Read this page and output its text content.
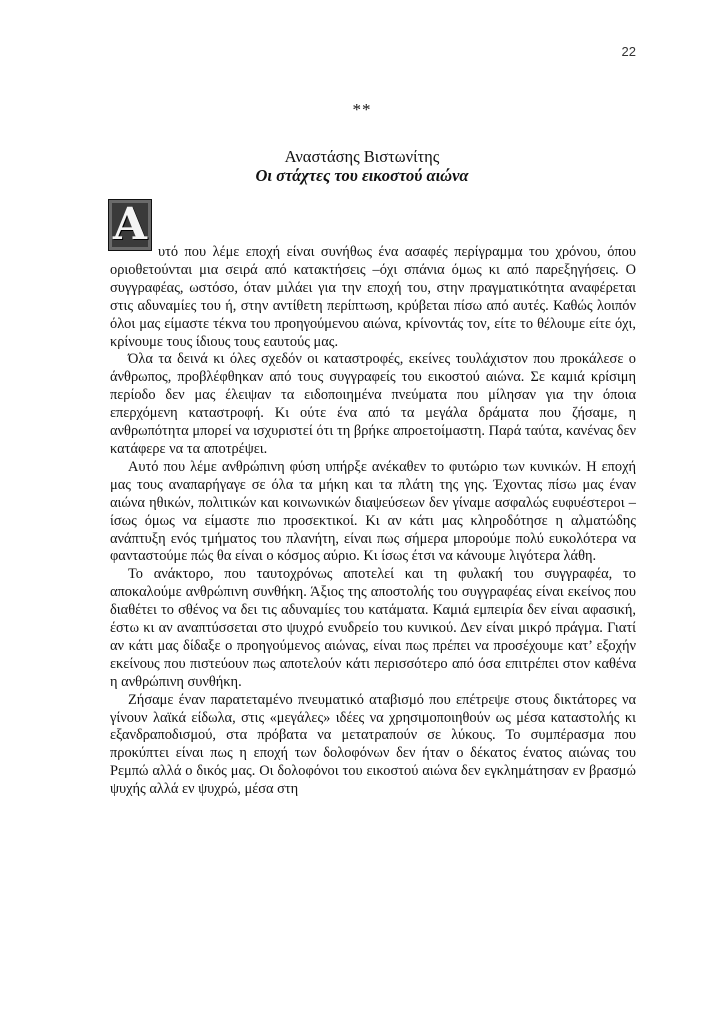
22
**
Αναστάσης Βιστωνίτης
Οι στάχτες του εικοστού αιώνα

Α
υτό που λέμε εποχή είναι συνήθως ένα ασαφές περίγραμμα του χρόνου, όπου οριοθετούνται μια σειρά από κατακτήσεις –όχι σπάνια όμως κι από παρεξηγήσεις. Ο συγγραφέας, ωστόσο, όταν μιλάει για την εποχή του, στην πραγματικότητα αναφέρεται στις αδυναμίες του ή, στην αντίθετη περίπτωση, κρύβεται πίσω από αυτές. Καθώς λοιπόν όλοι μας είμαστε τέκνα του προηγούμενου αιώνα, κρίνοντάς τον, είτε το θέλουμε είτε όχι, κρίνουμε τους ίδιους τους εαυτούς μας.

Όλα τα δεινά κι όλες σχεδόν οι καταστροφές, εκείνες τουλάχιστον που προκάλεσε ο άνθρωπος, προβλέφθηκαν από τους συγγραφείς του εικοστού αιώνα. Σε καμιά κρίσιμη περίοδο δεν μας έλειψαν τα ειδοποιημένα πνεύματα που μίλησαν για την όποια επερχόμενη καταστροφή. Κι ούτε ένα από τα μεγάλα δράματα που ζήσαμε, η ανθρωπότητα μπορεί να ισχυριστεί ότι τη βρήκε απροετοίμαστη. Παρά ταύτα, κανένας δεν κατάφερε να τα αποτρέψει.

Αυτό που λέμε ανθρώπινη φύση υπήρξε ανέκαθεν το φυτώριο των κυνικών. Η εποχή μας τους αναπαρήγαγε σε όλα τα μήκη και τα πλάτη της γης. Έχοντας πίσω μας έναν αιώνα ηθικών, πολιτικών και κοινωνικών διαψεύσεων δεν γίναμε ασφαλώς ευφυέστεροι –ίσως όμως να είμαστε πιο προσεκτικοί. Κι αν κάτι μας κληροδότησε η αλματώδης ανάπτυξη ενός τμήματος του πλανήτη, είναι πως σήμερα μπορούμε πολύ ευκολότερα να φανταστούμε πώς θα είναι ο κόσμος αύριο. Κι ίσως έτσι να κάνουμε λιγότερα λάθη.

Το ανάκτορο, που ταυτοχρόνως αποτελεί και τη φυλακή του συγγραφέα, το αποκαλούμε ανθρώπινη συνθήκη. Άξιος της αποστολής του συγγραφέας είναι εκείνος που διαθέτει το σθένος να δει τις αδυναμίες του κατάματα. Καμιά εμπειρία δεν είναι αφασική, έστω κι αν αναπτύσσεται στο ψυχρό ενυδρείο του κυνικού. Δεν είναι μικρό πράγμα. Γιατί αν κάτι μας δίδαξε ο προηγούμενος αιώνας, είναι πως πρέπει να προσέχουμε κατ’ εξοχήν εκείνους που πιστεύουν πως αποτελούν κάτι περισσότερο από όσα επιτρέπει στον καθένα η ανθρώπινη συνθήκη.

Ζήσαμε έναν παρατεταμένο πνευματικό αταβισμό που επέτρεψε στους δικτάτορες να γίνουν λαϊκά είδωλα, στις «μεγάλες» ιδέες να χρησιμοποιηθούν ως μέσα καταστολής κι εξανδραποδισμού, στα πρόβατα να μετατραπούν σε λύκους. Το συμπέρασμα που προκύπτει είναι πως η εποχή των δολοφόνων δεν ήταν ο δέκατος ένατος αιώνας του Ρεμπώ αλλά ο δικός μας. Οι δολοφόνοι του εικοστού αιώνα δεν εγκλημάτησαν εν βρασμώ ψυχής αλλά εν ψυχρώ, μέσα στη
